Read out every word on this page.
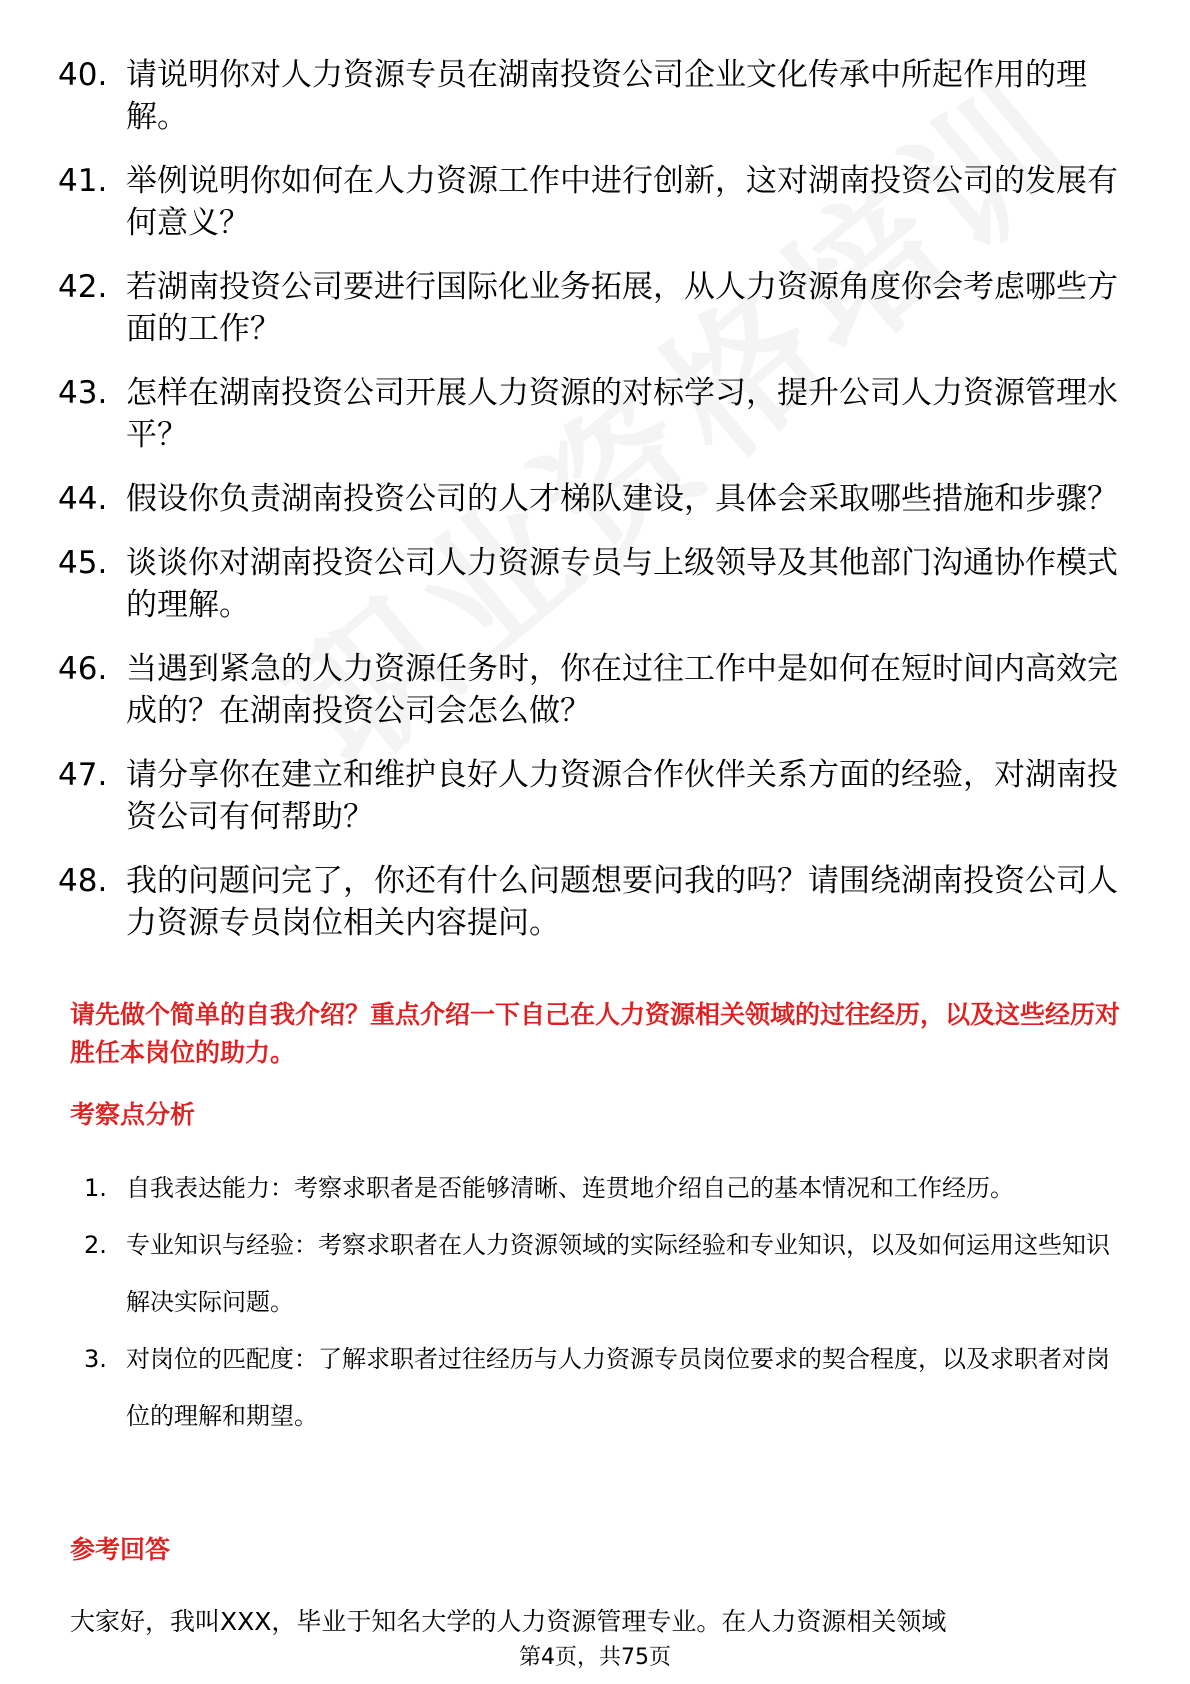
40. 请说明你对人力资源专员在湖南投资公司企业文化传承中所起作用的理解。
41. 举例说明你如何在人力资源工作中进行创新，这对湖南投资公司的发展有何意义？
42. 若湖南投资公司要进行国际化业务拓展，从人力资源角度你会考虑哪些方面的工作？
43. 怎样在湖南投资公司开展人力资源的对标学习，提升公司人力资源管理水平？
44. 假设你负责湖南投资公司的人才梯队建设，具体会采取哪些措施和步骤？
45. 谈谈你对湖南投资公司人力资源专员与上级领导及其他部门沟通协作模式的理解。
46. 当遇到紧急的人力资源任务时，你在过往工作中是如何在短时间内高效完成的？在湖南投资公司会怎么做？
47. 请分享你在建立和维护良好人力资源合作伙伴关系方面的经验，对湖南投资公司有何帮助？
48. 我的问题问完了，你还有什么问题想要问我的吗？请围绕湖南投资公司人力资源专员岗位相关内容提问。
请先做个简单的自我介绍？重点介绍一下自己在人力资源相关领域的过往经历，以及这些经历对胜任本岗位的助力。
考察点分析
1. 自我表达能力：考察求职者是否能够清晰、连贯地介绍自己的基本情况和工作经历。
2. 专业知识与经验：考察求职者在人力资源领域的实际经验和专业知识，以及如何运用这些知识解决实际问题。
3. 对岗位的匹配度：了解求职者过往经历与人力资源专员岗位要求的契合程度，以及求职者对岗位的理解和期望。
参考回答
大家好，我叫XXX，毕业于知名大学的人力资源管理专业。在人力资源相关领域
第4页，共75页
